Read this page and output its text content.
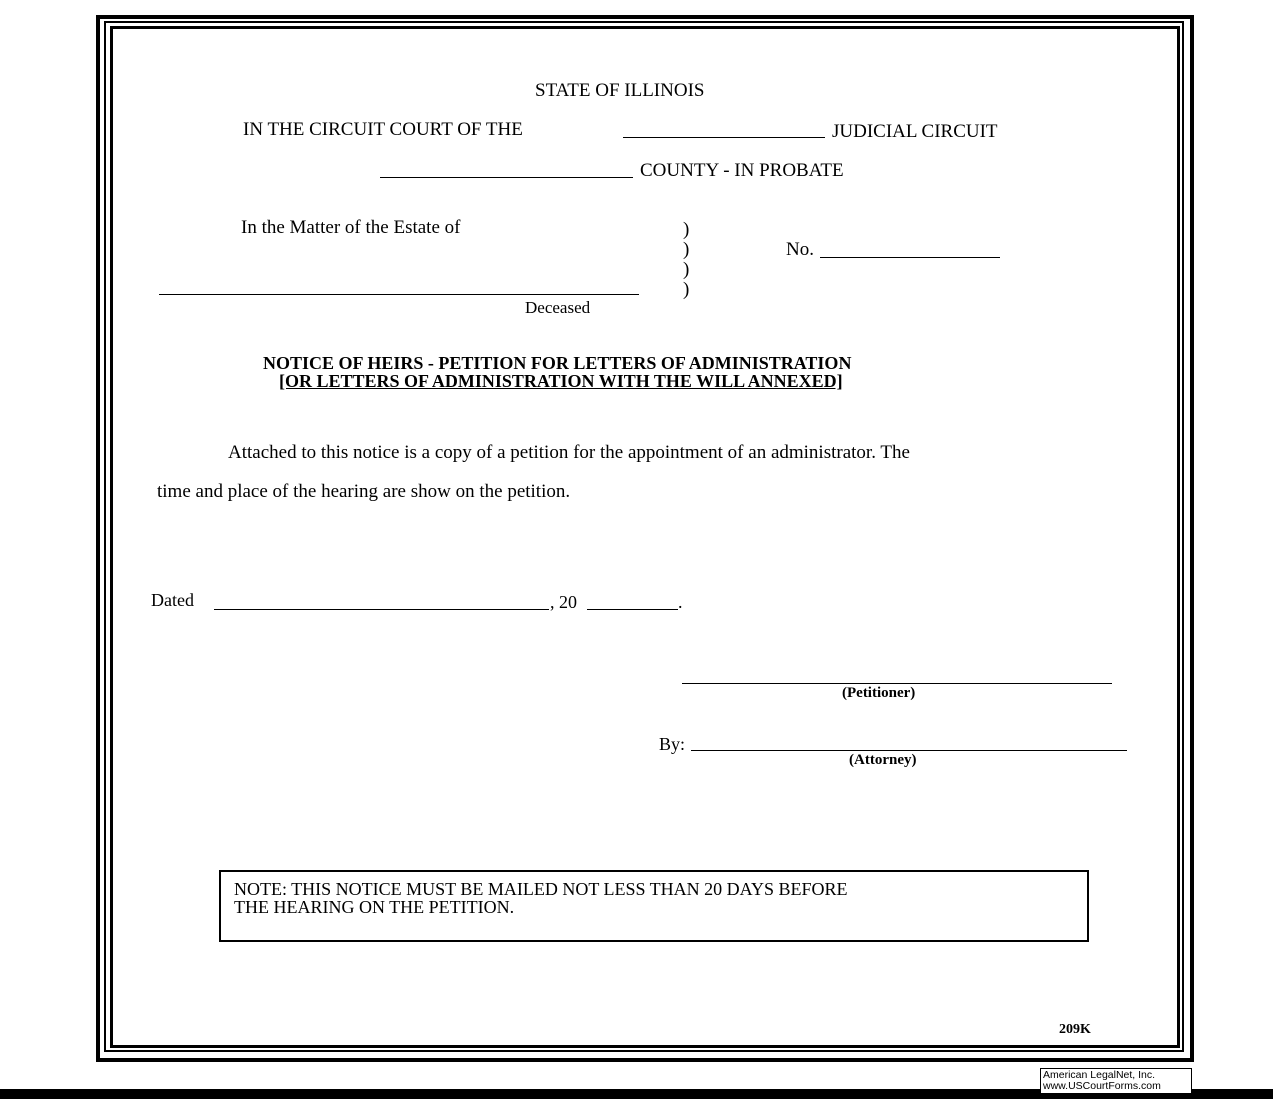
STATE OF ILLINOIS
IN THE CIRCUIT COURT OF THE	JUDICIAL CIRCUIT
COUNTY - IN PROBATE
In the Matter of the Estate of	)
)
)
)
No.
Deceased
NOTICE OF HEIRS - PETITION FOR LETTERS OF ADMINISTRATION
[OR LETTERS OF ADMINISTRATION WITH THE WILL ANNEXED]
Attached to this notice is a copy of a petition for the appointment of an administrator. The
time and place of the hearing are show on the petition.
Dated	, 20	.
(Petitioner)
By:
(Attorney)
NOTE: THIS NOTICE MUST BE MAILED NOT LESS THAN 20 DAYS BEFORE
THE HEARING ON THE PETITION.
209K
American LegalNet, Inc.
www.USCourtForms.com
